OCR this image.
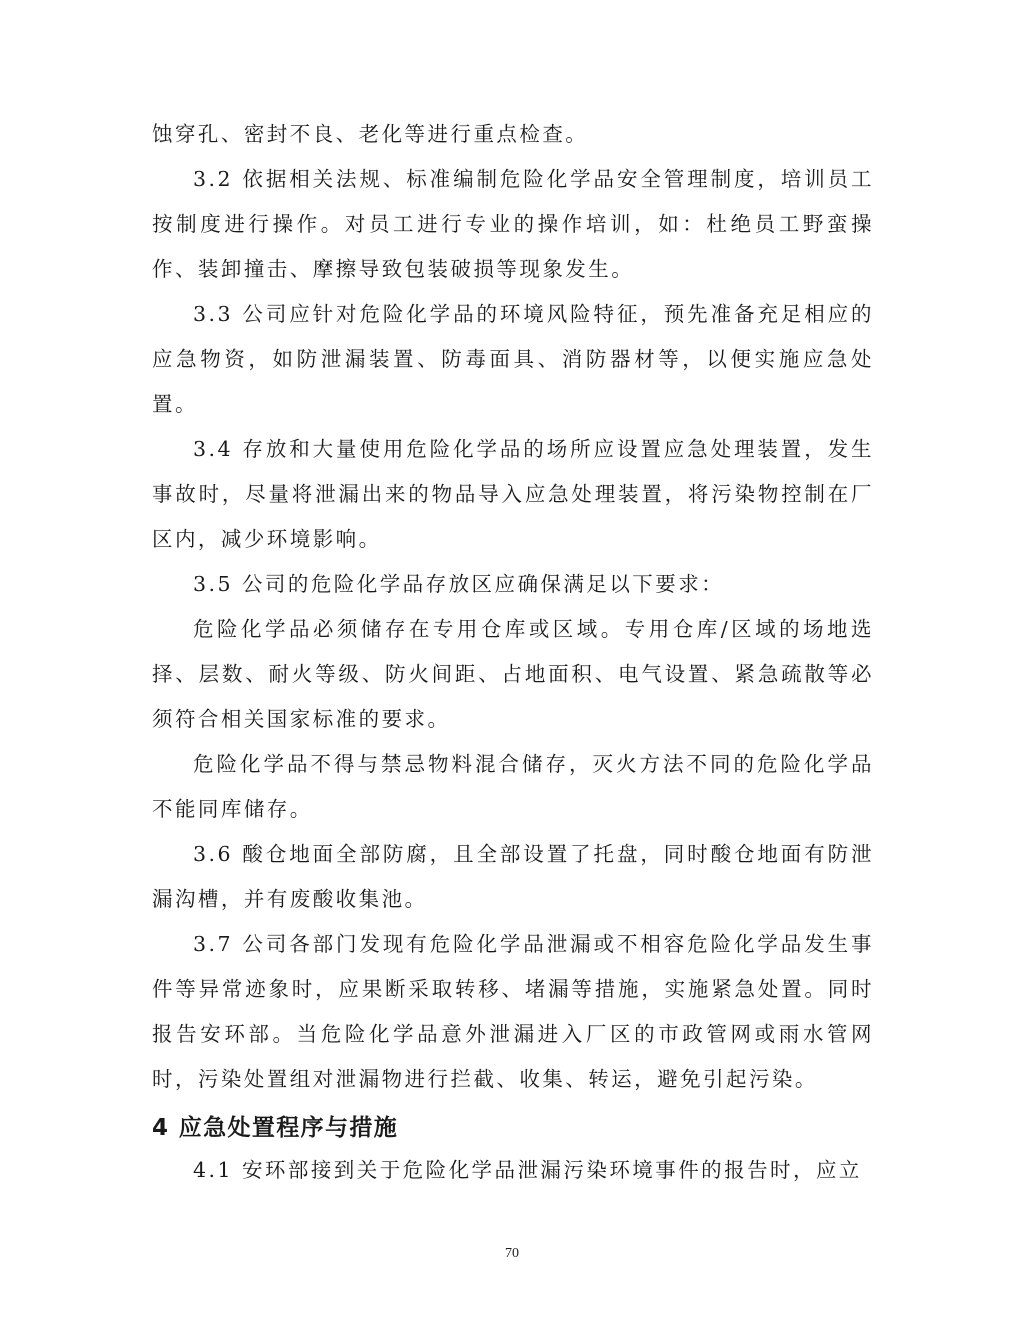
蚀穿孔、密封不良、老化等进行重点检查。

3.2 依据相关法规、标准编制危险化学品安全管理制度，培训员工按制度进行操作。对员工进行专业的操作培训，如：杜绝员工野蛮操作、装卸撞击、摩擦导致包装破损等现象发生。

3.3 公司应针对危险化学品的环境风险特征，预先准备充足相应的应急物资，如防泄漏装置、防毒面具、消防器材等，以便实施应急处置。

3.4 存放和大量使用危险化学品的场所应设置应急处理装置，发生事故时，尽量将泄漏出来的物品导入应急处理装置，将污染物控制在厂区内，减少环境影响。

3.5 公司的危险化学品存放区应确保满足以下要求：

危险化学品必须储存在专用仓库或区域。专用仓库/区域的场地选择、层数、耐火等级、防火间距、占地面积、电气设置、紧急疏散等必须符合相关国家标准的要求。

危险化学品不得与禁忌物料混合储存，灭火方法不同的危险化学品不能同库储存。

3.6 酸仓地面全部防腐，且全部设置了托盘，同时酸仓地面有防泄漏沟槽，并有废酸收集池。

3.7 公司各部门发现有危险化学品泄漏或不相容危险化学品发生事件等异常迹象时，应果断采取转移、堵漏等措施，实施紧急处置。同时报告安环部。当危险化学品意外泄漏进入厂区的市政管网或雨水管网时，污染处置组对泄漏物进行拦截、收集、转运，避免引起污染。

4 应急处置程序与措施

4.1 安环部接到关于危险化学品泄漏污染环境事件的报告时，应立

70
